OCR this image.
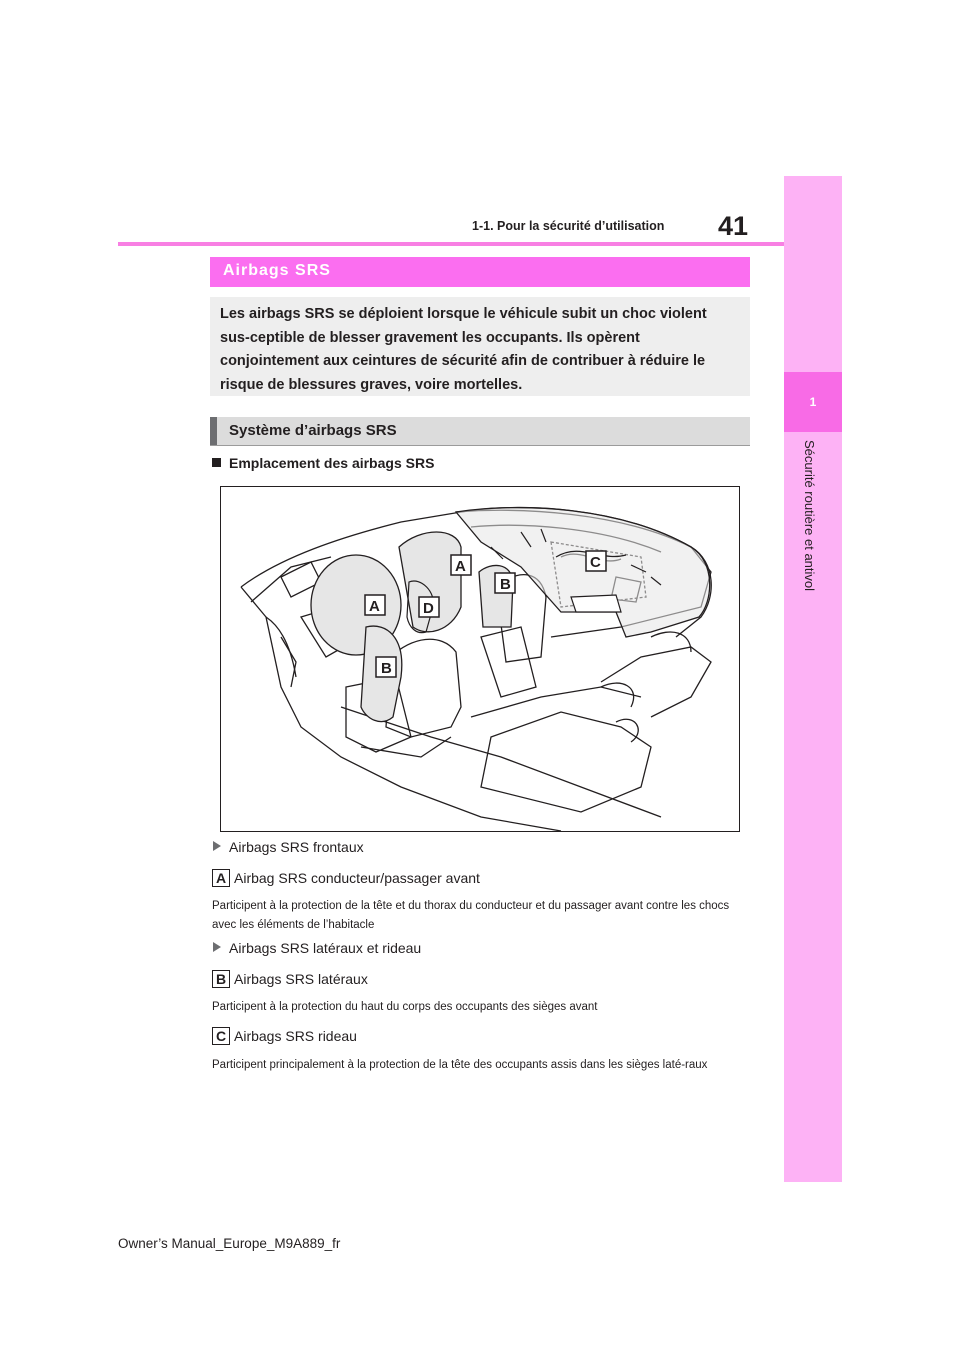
41
1-1. Pour la sécurité d’utilisation
1
Sécurité routière et antivol
Airbags SRS
Les airbags SRS se déploient lorsque le véhicule subit un choc violent sus-ceptible de blesser gravement les occupants. Ils opèrent conjointement aux ceintures de sécurité afin de contribuer à réduire le risque de blessures graves, voire mortelles.
Système d’airbags SRS
Emplacement des airbags SRS
A
A
B
B
C
D
Airbags SRS frontaux
A Airbag SRS conducteur/passager avant
Participent à la protection de la tête et du thorax du conducteur et du passager avant contre les chocs avec les éléments de l’habitacle
Airbags SRS latéraux et rideau
B Airbags SRS latéraux
Participent à la protection du haut du corps des occupants des sièges avant
C Airbags SRS rideau
Participent principalement à la protection de la tête des occupants assis dans les sièges laté-raux
Owner’s Manual_Europe_M9A889_fr
